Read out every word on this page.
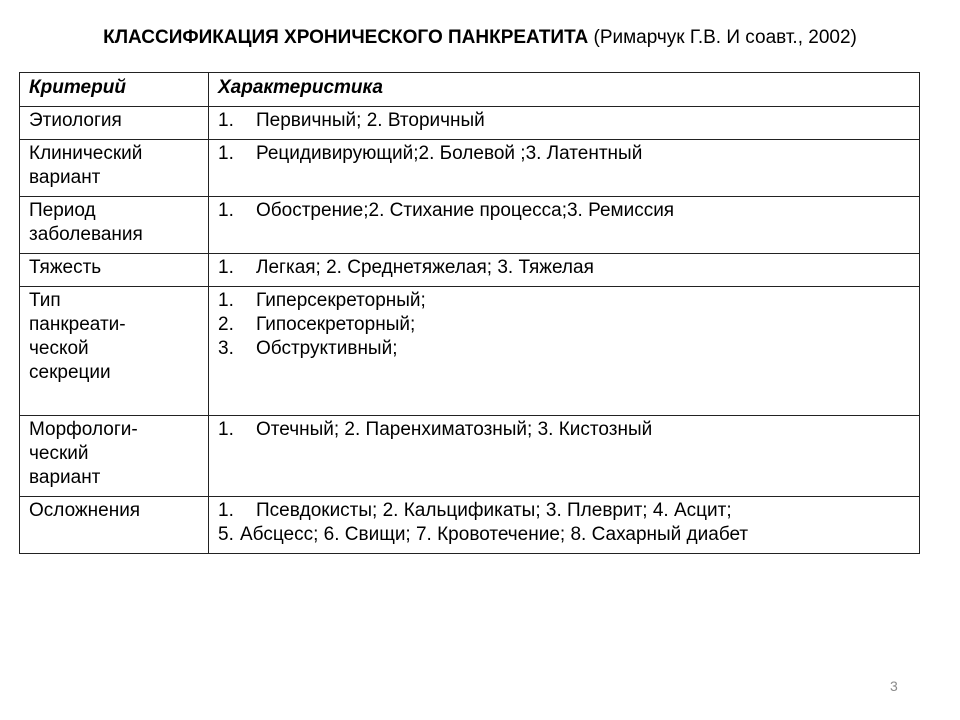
КЛАССИФИКАЦИЯ ХРОНИЧЕСКОГО ПАНКРЕАТИТА (Римарчук Г.В. И соавт., 2002)
Критерий	Характеристика
Этиология	1. Первичный; 2. Вторичный

Клинический
вариант	1. Рецидивирующий;2. Болевой ;3. Латентный

Период
заболевания	1. Обострение;2. Стихание процесса;3. Ремиссия

Тяжесть	1. Легкая; 2. Среднетяжелая; 3. Тяжелая

Тип
панкреати-
ческой
секреции	1. Гиперсекреторный;
2. Гипосекреторный;
3. Обструктивный;

Морфологи-
ческий
вариант	1. Отечный; 2. Паренхиматозный; 3. Кистозный

Осложнения	1. Псевдокисты; 2. Кальцификаты; 3. Плеврит; 4. Асцит;
5. Абсцесс; 6. Свищи; 7. Кровотечение; 8. Сахарный диабет
3
